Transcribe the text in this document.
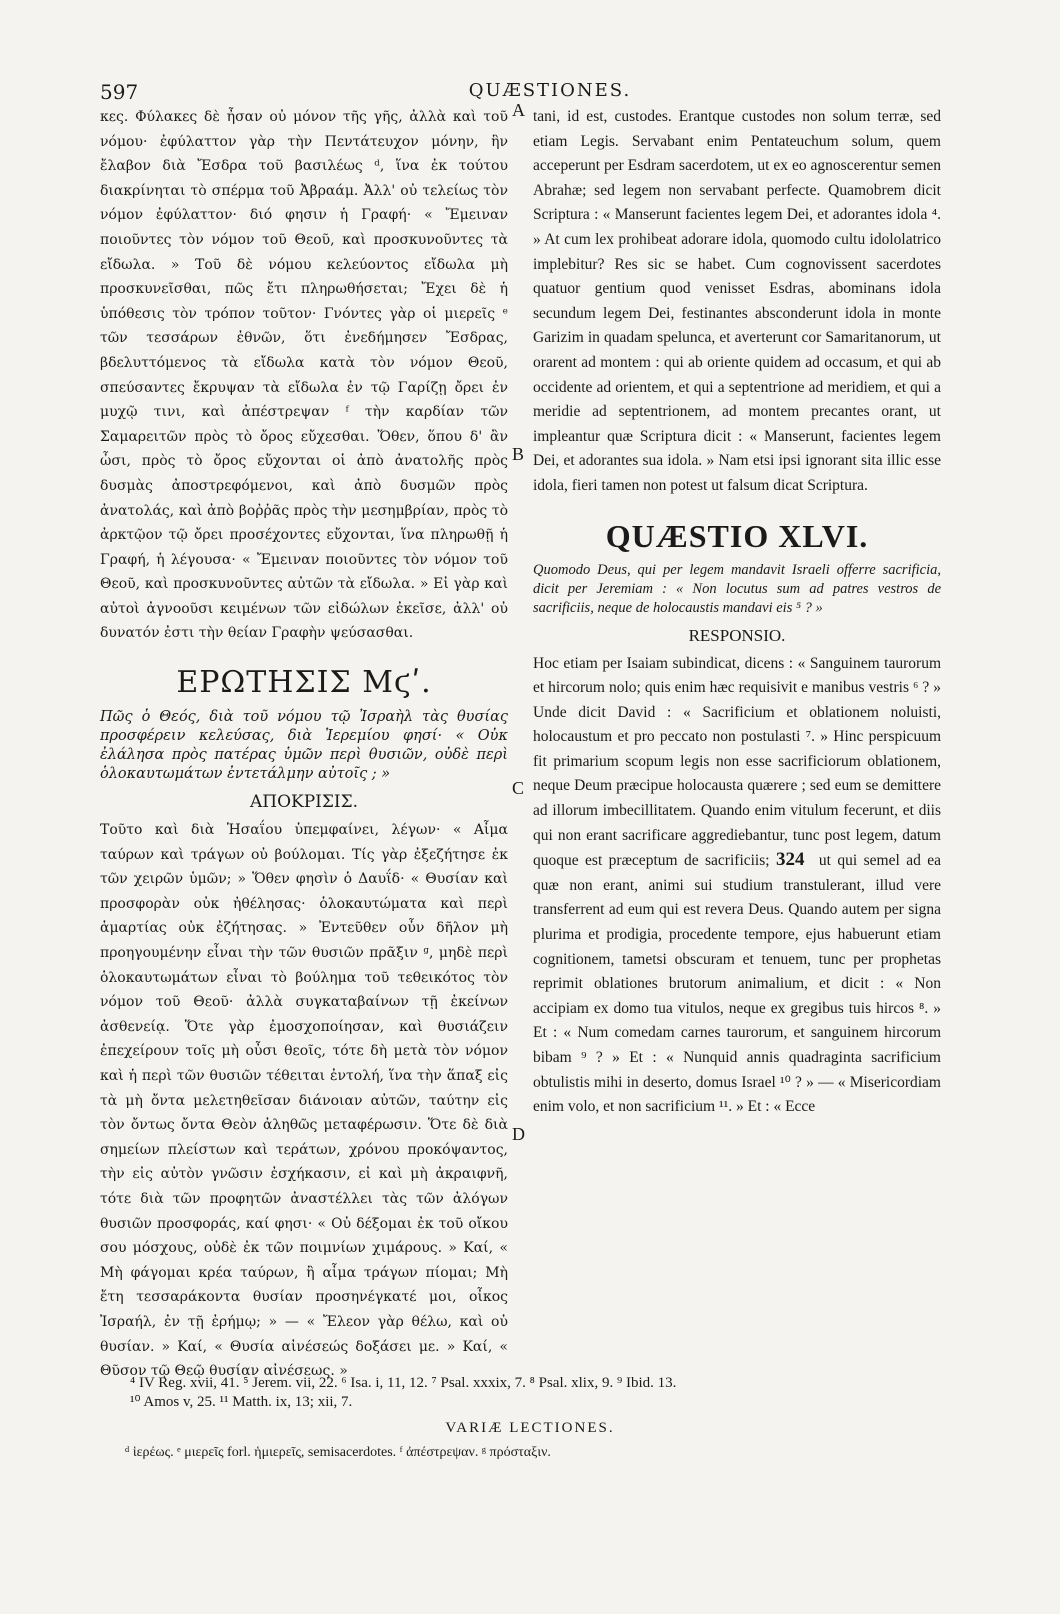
597	QUÆSTIONES.

κες. Φύλακες δὲ ἦσαν οὐ μόνον τῆς γῆς, ἀλλὰ καὶ τοῦ νόμου· ἐφύλαττον γὰρ τὴν Πεντάτευχον μόνην, ἣν ἔλαβον διὰ Ἔσδρα τοῦ βασιλέως ᵈ, ἵνα ἐκ τούτου διακρίνηται τὸ σπέρμα τοῦ Ἀβραάμ. Ἀλλ' οὐ τελείως τὸν νόμον ἐφύλαττον· διό φησιν ἡ Γραφή· « Ἔμειναν ποιοῦντες τὸν νόμον τοῦ Θεοῦ, καὶ προσκυνοῦντες τὰ εἴδωλα. » Τοῦ δὲ νόμου κελεύοντος εἴδωλα μὴ προσκυνεῖσθαι, πῶς ἔτι πληρωθήσεται; Ἔχει δὲ ἡ ὑπόθεσις τὸν τρόπον τοῦτον· Γνόντες γὰρ οἱ μιερεῖς ᵉ τῶν τεσσάρων ἐθνῶν, ὅτι ἐνεδήμησεν Ἔσδρας, βδελυττόμενος τὰ εἴδωλα κατὰ τὸν νόμον Θεοῦ, σπεύσαντες ἔκρυψαν τὰ εἴδωλα ἐν τῷ Γαρίζῃ ὄρει ἐν μυχῷ τινι, καὶ ἀπέστρεψαν ᶠ τὴν καρδίαν τῶν Σαμαρειτῶν πρὸς τὸ ὄρος εὔχεσθαι. Ὅθεν, ὅπου δ' ἂν ὦσι, πρὸς τὸ ὄρος εὔχονται οἱ ἀπὸ ἀνατολῆς πρὸς δυσμὰς ἀποστρεφόμενοι, καὶ ἀπὸ δυσμῶν πρὸς ἀνατολάς, καὶ ἀπὸ βοῤῥᾶς πρὸς τὴν μεσημβρίαν, πρὸς τὸ ἀρκτῷον τῷ ὄρει προσέχοντες εὔχονται, ἵνα πληρωθῇ ἡ Γραφή, ἡ λέγουσα· « Ἔμειναν ποιοῦντες τὸν νόμον τοῦ Θεοῦ, καὶ προσκυνοῦντες αὐτῶν τὰ εἴδωλα. » Εἰ γὰρ καὶ αὐτοὶ ἀγνοοῦσι κειμένων τῶν εἰδώλων ἐκεῖσε, ἀλλ' οὐ δυνατόν ἐστι τὴν θείαν Γραφὴν ψεύσασθαι.

ΕΡΩΤΗΣΙΣ Μϛʹ.

Πῶς ὁ Θεός, διὰ τοῦ νόμου τῷ Ἰσραὴλ τὰς θυσίας προσφέρειν κελεύσας, διὰ Ἱερεμίου φησί· « Οὐκ ἐλάλησα πρὸς πατέρας ὑμῶν περὶ θυσιῶν, οὐδὲ περὶ ὁλοκαυτωμάτων ἐντετάλμην αὐτοῖς ; »

ΑΠΟΚΡΙΣΙΣ.

Τοῦτο καὶ διὰ Ἡσαΐου ὑπεμφαίνει, λέγων· « Αἷμα ταύρων καὶ τράγων οὐ βούλομαι. Τίς γὰρ ἐξεζήτησε ἐκ τῶν χειρῶν ὑμῶν; » Ὅθεν φησὶν ὁ Δαυΐδ· « Θυσίαν καὶ προσφορὰν οὐκ ἠθέλησας· ὁλοκαυτώματα καὶ περὶ ἁμαρτίας οὐκ ἐζήτησας. » Ἐντεῦθεν οὖν δῆλον μὴ προηγουμένην εἶναι τὴν τῶν θυσιῶν πρᾶξιν ᵍ, μηδὲ περὶ ὁλοκαυτωμάτων εἶναι τὸ βούλημα τοῦ τεθεικότος τὸν νόμον τοῦ Θεοῦ· ἀλλὰ συγκαταβαίνων τῇ ἐκείνων ἀσθενείᾳ. Ὅτε γὰρ ἐμοσχοποίησαν, καὶ θυσιάζειν ἐπεχείρουν τοῖς μὴ οὖσι θεοῖς, τότε δὴ μετὰ τὸν νόμον καὶ ἡ περὶ τῶν θυσιῶν τέθειται ἐντολή, ἵνα τὴν ἅπαξ εἰς τὰ μὴ ὄντα μελετηθεῖσαν διάνοιαν αὐτῶν, ταύτην εἰς τὸν ὄντως ὄντα Θεὸν ἀληθῶς μεταφέρωσιν. Ὅτε δὲ διὰ σημείων πλείστων καὶ τεράτων, χρόνου προκόψαντος, τὴν εἰς αὐτὸν γνῶσιν ἐσχήκασιν, εἰ καὶ μὴ ἀκραιφνῆ, τότε διὰ τῶν προφητῶν ἀναστέλλει τὰς τῶν ἀλόγων θυσιῶν προσφοράς, καί φησι· « Οὐ δέξομαι ἐκ τοῦ οἴκου σου μόσχους, οὐδὲ ἐκ τῶν ποιμνίων χιμάρους. » Καί, « Μὴ φάγομαι κρέα ταύρων, ἢ αἷμα τράγων πίομαι; Μὴ ἔτη τεσσαράκοντα θυσίαν προσηνέγκατέ μοι, οἶκος Ἰσραήλ, ἐν τῇ ἐρήμῳ; » — « Ἔλεον γὰρ θέλω, καὶ οὐ θυσίαν. » Καί, « Θυσία αἰνέσεώς δοξάσει με. » Καί, « Θῦσον τῷ Θεῷ θυσίαν αἰνέσεως. »

tani, id est, custodes. Erantque custodes non solum terræ, sed etiam Legis. Servabant enim Pentateuchum solum, quem acceperunt per Esdram sacerdotem, ut ex eo agnoscerentur semen Abrahæ; sed legem non servabant perfecte. Quamobrem dicit Scriptura : « Manserunt facientes legem Dei, et adorantes idola ⁴. » At cum lex prohibeat adorare idola, quomodo cultu idololatrico implebitur? Res sic se habet. Cum cognovissent sacerdotes quatuor gentium quod venisset Esdras, abominans idola secundum legem Dei, festinantes absconderunt idola in monte Garizim in quadam spelunca, et averterunt cor Samaritanorum, ut orarent ad montem : qui ab oriente quidem ad occasum, et qui ab occidente ad orientem, et qui a septentrione ad meridiem, et qui a meridie ad septentrionem, ad montem precantes orant, ut impleantur quæ Scriptura dicit : « Manserunt, facientes legem Dei, et adorantes sua idola. » Nam etsi ipsi ignorant sita illic esse idola, fieri tamen non potest ut falsum dicat Scriptura.

QUÆSTIO XLVI.

Quomodo Deus, qui per legem mandavit Israeli offerre sacrificia, dicit per Jeremiam : « Non locutus sum ad patres vestros de sacrificiis, neque de holocaustis mandavi eis ⁵ ? »

RESPONSIO.

Hoc etiam per Isaiam subindicat, dicens : « Sanguinem taurorum et hircorum nolo; quis enim hæc requisivit e manibus vestris ⁶ ? » Unde dicit David : « Sacrificium et oblationem noluisti, holocaustum et pro peccato non postulasti ⁷. » Hinc perspicuum fit primarium scopum legis non esse sacrificiorum oblationem, neque Deum præcipue holocausta quærere ; sed eum se demittere ad illorum imbecillitatem. Quando enim vitulum fecerunt, et diis qui non erant sacrificare aggrediebantur, tunc post legem, datum quoque est præceptum de sacrificiis; 324 ut qui semel ad ea quæ non erant, animi sui studium transtulerant, illud vere transferrent ad eum qui est revera Deus. Quando autem per signa plurima et prodigia, procedente tempore, ejus habuerunt etiam cognitionem, tametsi obscuram et tenuem, tunc per prophetas reprimit oblationes brutorum animalium, et dicit : « Non accipiam ex domo tua vitulos, neque ex gregibus tuis hircos ⁸. » Et : « Num comedam carnes taurorum, et sanguinem hircorum bibam ⁹ ? » Et : « Nunquid annis quadraginta sacrificium obtulistis mihi in deserto, domus Israel ¹⁰ ? » — « Misericordiam enim volo, et non sacrificium ¹¹. » Et : « Ecce

A
B
C
D

⁴ IV Reg. xvii, 41. ⁵ Jerem. vii, 22. ⁶ Isa. i, 11, 12. ⁷ Psal. xxxix, 7. ⁸ Psal. xlix, 9. ⁹ Ibid. 13.

¹⁰ Amos v, 25. ¹¹ Matth. ix, 13; xii, 7.

VARIÆ LECTIONES.
ᵈ ἱερέως. ᵉ μιερεῖς forl. ἡμιερεῖς, semisacerdotes. ᶠ ἀπέστρεψαν. ᵍ πρόσταξιν.
